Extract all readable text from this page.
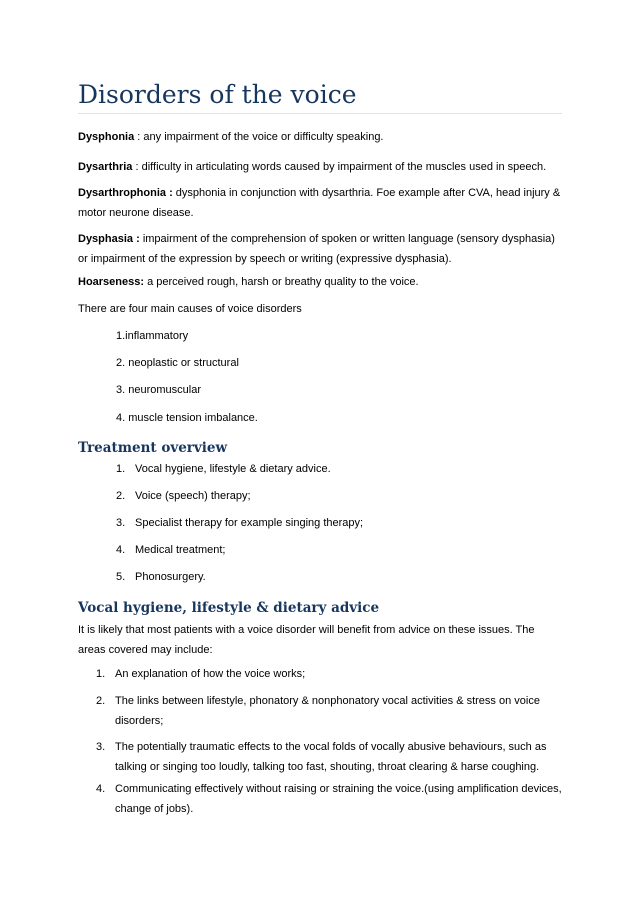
Disorders of the voice
Dysphonia : any impairment of the voice or difficulty speaking.
Dysarthria : difficulty in articulating words caused by impairment of the muscles used in speech.
Dysarthrophonia : dysphonia in conjunction with dysarthria. Foe example after CVA, head injury & motor neurone disease.
Dysphasia : impairment of the comprehension of spoken or written language (sensory dysphasia) or impairment of the expression by speech or writing (expressive dysphasia).
Hoarseness: a perceived rough, harsh or breathy quality to the voice.
There are four main causes of voice disorders
1.inflammatory
2. neoplastic or structural
3. neuromuscular
4. muscle tension imbalance.
Treatment overview
1. Vocal hygiene, lifestyle & dietary advice.
2. Voice (speech) therapy;
3. Specialist therapy for example singing therapy;
4. Medical treatment;
5. Phonosurgery.
Vocal hygiene, lifestyle & dietary advice
It is likely that most patients with a voice disorder will benefit from advice on these issues. The areas covered may include:
1. An explanation of how the voice works;
2. The links between lifestyle, phonatory & nonphonatory vocal activities & stress on voice disorders;
3. The potentially traumatic effects to the vocal folds of vocally abusive behaviours, such as talking or singing too loudly, talking too fast, shouting, throat clearing & harse coughing.
4. Communicating effectively without raising or straining the voice.(using amplification devices, change of jobs).
